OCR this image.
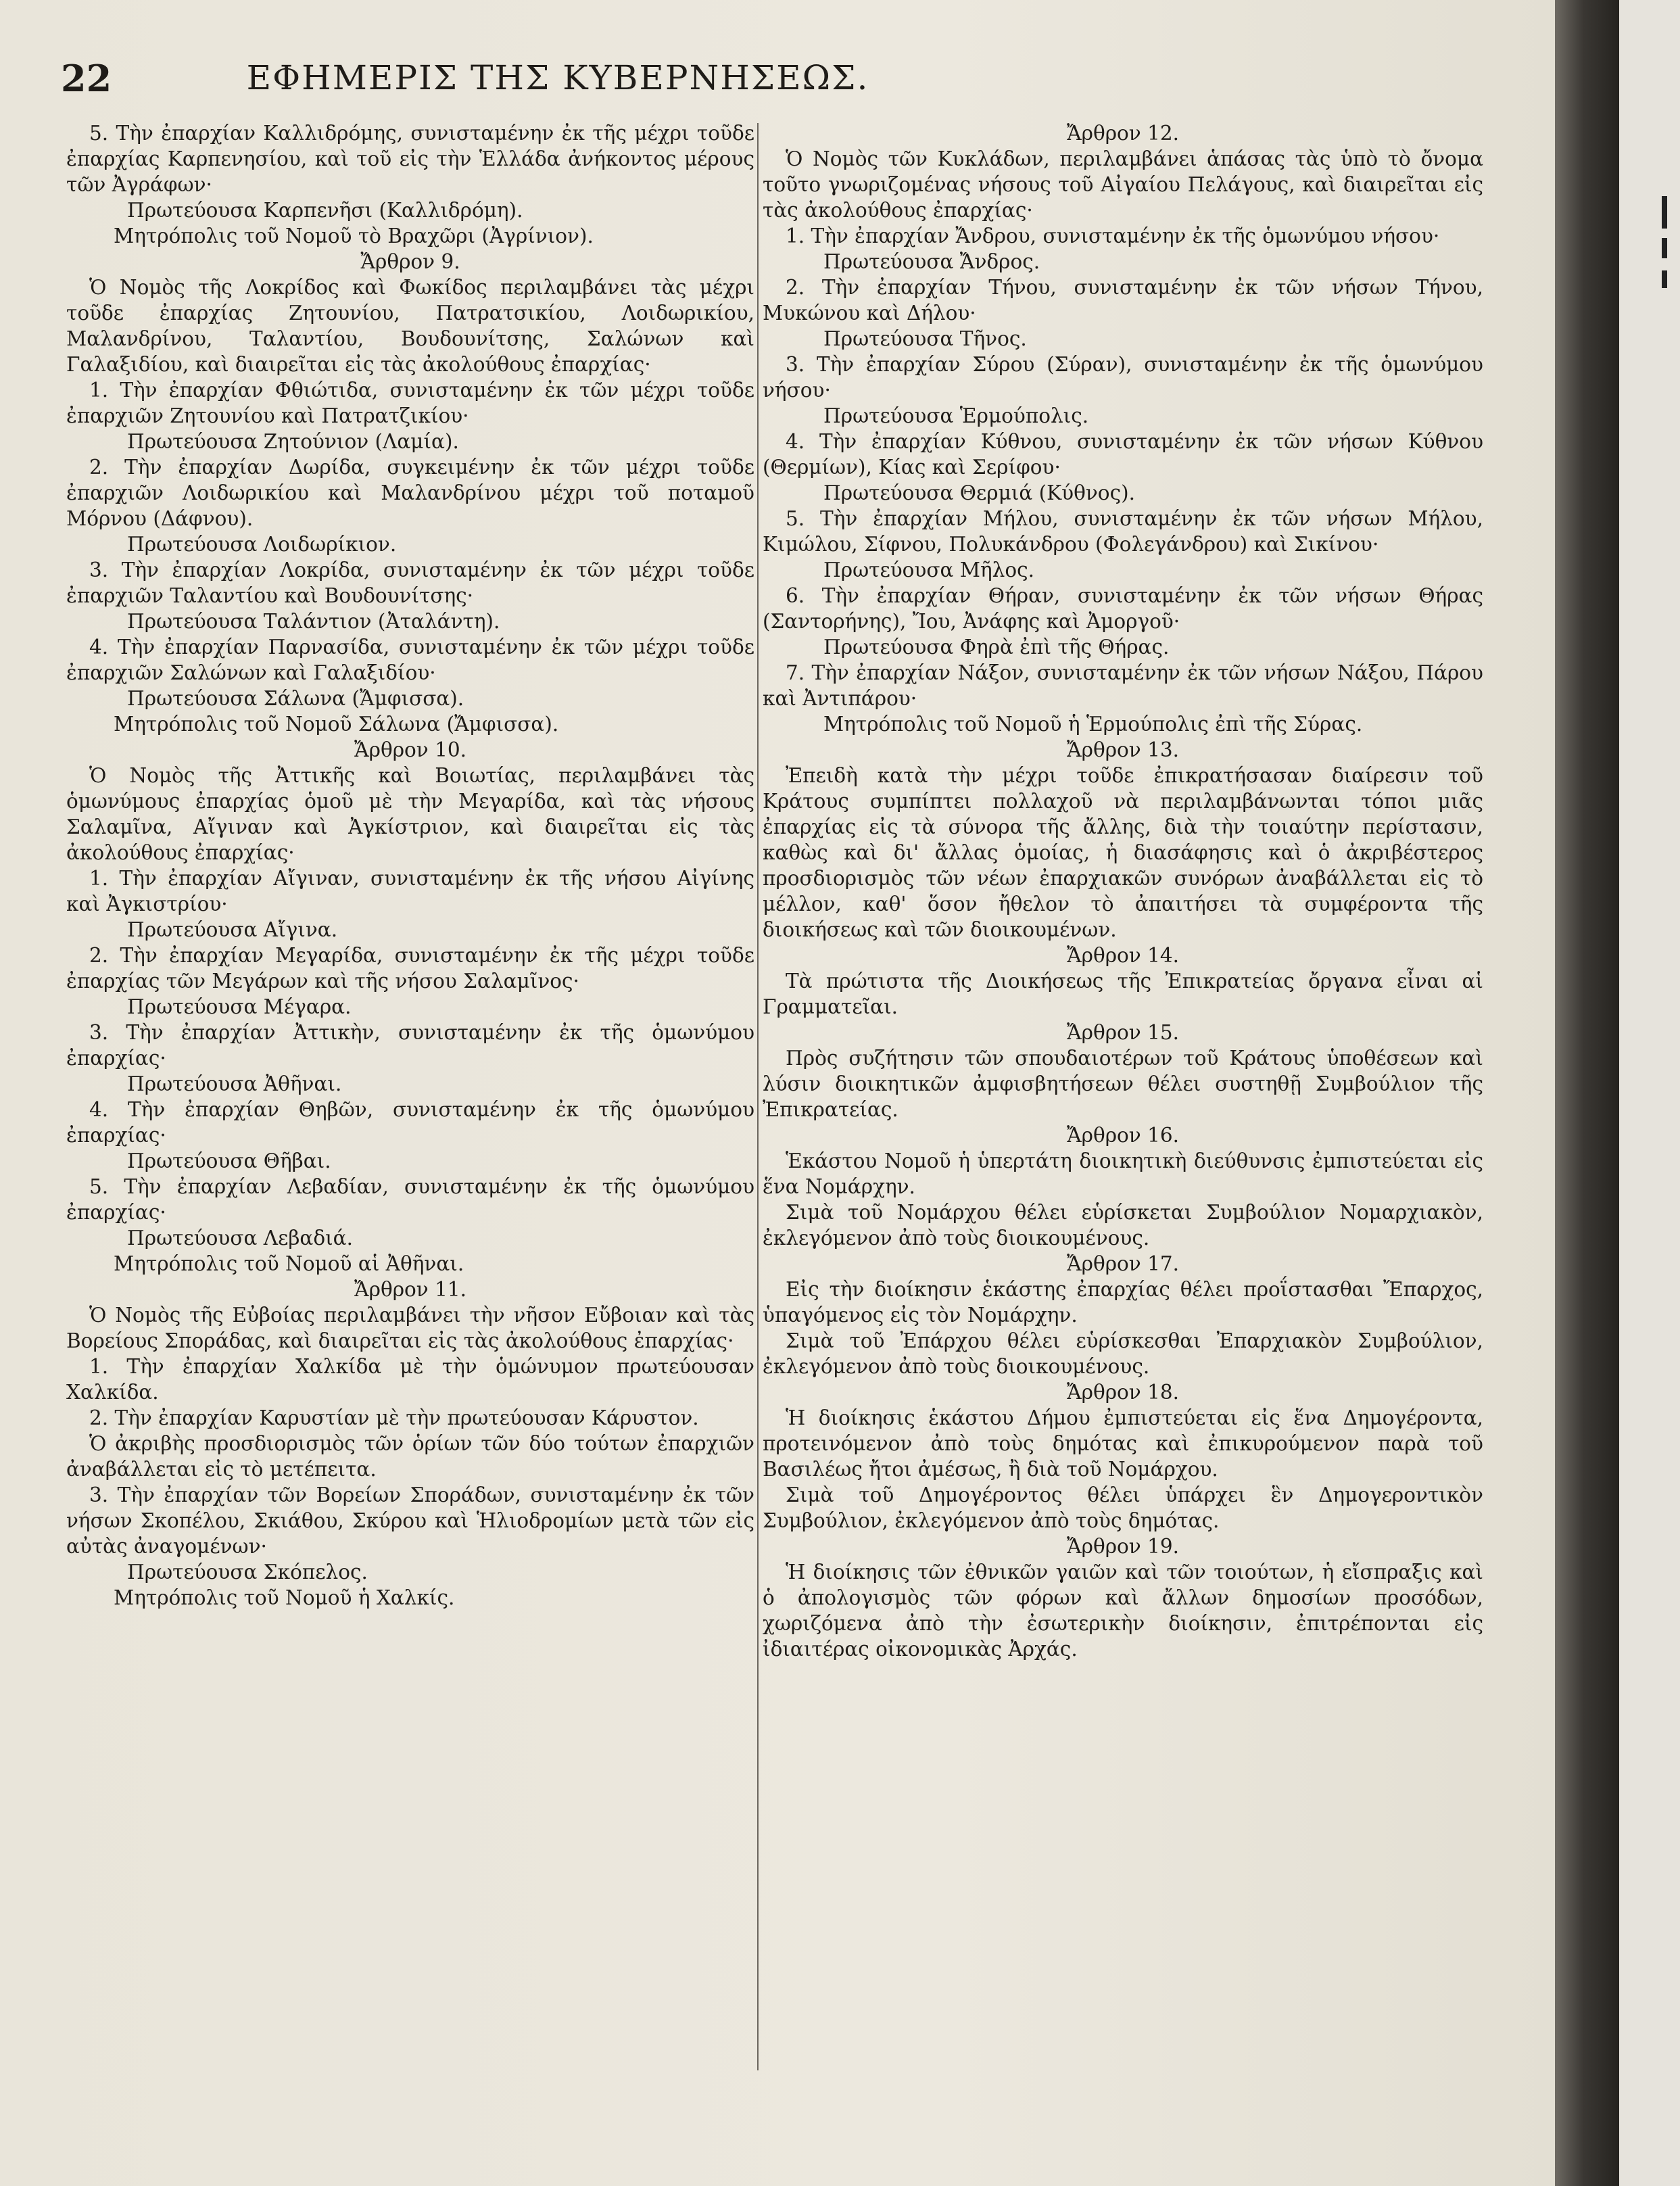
22	ΕΦΗΜΕΡΙΣ ΤΗΣ ΚΥΒΕΡΝΗΣΕΩΣ.

5. Τὴν ἐπαρχίαν Καλλιδρόμης, συνισταμένην ἐκ τῆς μέχρι τοῦδε ἐπαρχίας Καρπενησίου, καὶ τοῦ εἰς τὴν Ἑλλάδα ἀνήκοντος μέρους τῶν Ἀγράφων·

Πρωτεύουσα Καρπενῆσι (Καλλιδρόμη).

Μητρόπολις τοῦ Νομοῦ τὸ Βραχῶρι (Ἀγρίνιον).

Ἄρθρον 9.

Ὁ Νομὸς τῆς Λοκρίδος καὶ Φωκίδος περιλαμβάνει τὰς μέχρι τοῦδε ἐπαρχίας Ζητουνίου, Πατρατσικίου, Λοιδωρικίου, Μαλανδρίνου, Ταλαντίου, Βουδουνίτσης, Σαλώνων καὶ Γαλαξιδίου, καὶ διαιρεῖται εἰς τὰς ἀκολούθους ἐπαρχίας·

1. Τὴν ἐπαρχίαν Φθιώτιδα, συνισταμένην ἐκ τῶν μέχρι τοῦδε ἐπαρχιῶν Ζητουνίου καὶ Πατρατζικίου·

Πρωτεύουσα Ζητούνιον (Λαμία).

2. Τὴν ἐπαρχίαν Δωρίδα, συγκειμένην ἐκ τῶν μέχρι τοῦδε ἐπαρχιῶν Λοιδωρικίου καὶ Μαλανδρίνου μέχρι τοῦ ποταμοῦ Μόρνου (Δάφνου).

Πρωτεύουσα Λοιδωρίκιον.

3. Τὴν ἐπαρχίαν Λοκρίδα, συνισταμένην ἐκ τῶν μέχρι τοῦδε ἐπαρχιῶν Ταλαντίου καὶ Βουδουνίτσης·

Πρωτεύουσα Ταλάντιον (Ἀταλάντη).

4. Τὴν ἐπαρχίαν Παρνασίδα, συνισταμένην ἐκ τῶν μέχρι τοῦδε ἐπαρχιῶν Σαλώνων καὶ Γαλαξιδίου·

Πρωτεύουσα Σάλωνα (Ἄμφισσα).

Μητρόπολις τοῦ Νομοῦ Σάλωνα (Ἄμφισσα).

Ἄρθρον 10.

Ὁ Νομὸς τῆς Ἀττικῆς καὶ Βοιωτίας, περιλαμβάνει τὰς ὁμωνύμους ἐπαρχίας ὁμοῦ μὲ τὴν Μεγαρίδα, καὶ τὰς νήσους Σαλαμῖνα, Αἴγιναν καὶ Ἀγκίστριον, καὶ διαιρεῖται εἰς τὰς ἀκολούθους ἐπαρχίας·

1. Τὴν ἐπαρχίαν Αἴγιναν, συνισταμένην ἐκ τῆς νήσου Αἰγίνης καὶ Ἀγκιστρίου·

Πρωτεύουσα Αἴγινα.

2. Τὴν ἐπαρχίαν Μεγαρίδα, συνισταμένην ἐκ τῆς μέχρι τοῦδε ἐπαρχίας τῶν Μεγάρων καὶ τῆς νήσου Σαλαμῖνος·

Πρωτεύουσα Μέγαρα.

3. Τὴν ἐπαρχίαν Ἀττικὴν, συνισταμένην ἐκ τῆς ὁμωνύμου ἐπαρχίας·

Πρωτεύουσα Ἀθῆναι.

4. Τὴν ἐπαρχίαν Θηβῶν, συνισταμένην ἐκ τῆς ὁμωνύμου ἐπαρχίας·

Πρωτεύουσα Θῆβαι.

5. Τὴν ἐπαρχίαν Λεβαδίαν, συνισταμένην ἐκ τῆς ὁμωνύμου ἐπαρχίας·

Πρωτεύουσα Λεβαδιά.

Μητρόπολις τοῦ Νομοῦ αἱ Ἀθῆναι.

Ἄρθρον 11.

Ὁ Νομὸς τῆς Εὐβοίας περιλαμβάνει τὴν νῆσον Εὔβοιαν καὶ τὰς Βορείους Σποράδας, καὶ διαιρεῖται εἰς τὰς ἀκολούθους ἐπαρχίας·

1. Τὴν ἐπαρχίαν Χαλκίδα μὲ τὴν ὁμώνυμον πρωτεύουσαν Χαλκίδα.

2. Τὴν ἐπαρχίαν Καρυστίαν μὲ τὴν πρωτεύουσαν Κάρυστον.

Ὁ ἀκριβὴς προσδιορισμὸς τῶν ὁρίων τῶν δύο τούτων ἐπαρχιῶν ἀναβάλλεται εἰς τὸ μετέπειτα.

3. Τὴν ἐπαρχίαν τῶν Βορείων Σποράδων, συνισταμένην ἐκ τῶν νήσων Σκοπέλου, Σκιάθου, Σκύρου καὶ Ἡλιοδρομίων μετὰ τῶν εἰς αὐτὰς ἀναγομένων·

Πρωτεύουσα Σκόπελος.

Μητρόπολις τοῦ Νομοῦ ἡ Χαλκίς.

Ἄρθρον 12.

Ὁ Νομὸς τῶν Κυκλάδων, περιλαμβάνει ἁπάσας τὰς ὑπὸ τὸ ὄνομα τοῦτο γνωριζομένας νήσους τοῦ Αἰγαίου Πελάγους, καὶ διαιρεῖται εἰς τὰς ἀκολούθους ἐπαρχίας·

1. Τὴν ἐπαρχίαν Ἄνδρου, συνισταμένην ἐκ τῆς ὁμωνύμου νήσου·

Πρωτεύουσα Ἄνδρος.

2. Τὴν ἐπαρχίαν Τήνου, συνισταμένην ἐκ τῶν νήσων Τήνου, Μυκώνου καὶ Δήλου·

Πρωτεύουσα Τῆνος.

3. Τὴν ἐπαρχίαν Σύρου (Σύραν), συνισταμένην ἐκ τῆς ὁμωνύμου νήσου·

Πρωτεύουσα Ἑρμούπολις.

4. Τὴν ἐπαρχίαν Κύθνου, συνισταμένην ἐκ τῶν νήσων Κύθνου (Θερμίων), Κίας καὶ Σερίφου·

Πρωτεύουσα Θερμιά (Κύθνος).

5. Τὴν ἐπαρχίαν Μήλου, συνισταμένην ἐκ τῶν νήσων Μήλου, Κιμώλου, Σίφνου, Πολυκάνδρου (Φολεγάνδρου) καὶ Σικίνου·

Πρωτεύουσα Μῆλος.

6. Τὴν ἐπαρχίαν Θήραν, συνισταμένην ἐκ τῶν νήσων Θήρας (Σαντορήνης), Ἴου, Ἀνάφης καὶ Ἀμοργοῦ·

Πρωτεύουσα Φηρὰ ἐπὶ τῆς Θήρας.

7. Τὴν ἐπαρχίαν Νάξον, συνισταμένην ἐκ τῶν νήσων Νάξου, Πάρου καὶ Ἀντιπάρου·

Μητρόπολις τοῦ Νομοῦ ἡ Ἑρμούπολις ἐπὶ τῆς Σύρας.

Ἄρθρον 13.

Ἐπειδὴ κατὰ τὴν μέχρι τοῦδε ἐπικρατήσασαν διαίρεσιν τοῦ Κράτους συμπίπτει πολλαχοῦ νὰ περιλαμβάνωνται τόποι μιᾶς ἐπαρχίας εἰς τὰ σύνορα τῆς ἄλλης, διὰ τὴν τοιαύτην περίστασιν, καθὼς καὶ δι' ἄλλας ὁμοίας, ἡ διασάφησις καὶ ὁ ἀκριβέστερος προσδιορισμὸς τῶν νέων ἐπαρχιακῶν συνόρων ἀναβάλλεται εἰς τὸ μέλλον, καθ' ὅσον ἤθελον τὸ ἀπαιτήσει τὰ συμφέροντα τῆς διοικήσεως καὶ τῶν διοικουμένων.

Ἄρθρον 14.

Τὰ πρώτιστα τῆς Διοικήσεως τῆς Ἐπικρατείας ὄργανα εἶναι αἱ Γραμματεῖαι.

Ἄρθρον 15.

Πρὸς συζήτησιν τῶν σπουδαιοτέρων τοῦ Κράτους ὑποθέσεων καὶ λύσιν διοικητικῶν ἀμφισβητήσεων θέλει συστηθῇ Συμβούλιον τῆς Ἐπικρατείας.

Ἄρθρον 16.

Ἑκάστου Νομοῦ ἡ ὑπερτάτη διοικητικὴ διεύθυνσις ἐμπιστεύεται εἰς ἕνα Νομάρχην.

Σιμὰ τοῦ Νομάρχου θέλει εὑρίσκεται Συμβούλιον Νομαρχιακὸν, ἐκλεγόμενον ἀπὸ τοὺς διοικουμένους.

Ἄρθρον 17.

Εἰς τὴν διοίκησιν ἑκάστης ἐπαρχίας θέλει προΐστασθαι Ἔπαρχος, ὑπαγόμενος εἰς τὸν Νομάρχην.

Σιμὰ τοῦ Ἐπάρχου θέλει εὑρίσκεσθαι Ἐπαρχιακὸν Συμβούλιον, ἐκλεγόμενον ἀπὸ τοὺς διοικουμένους.

Ἄρθρον 18.

Ἡ διοίκησις ἑκάστου Δήμου ἐμπιστεύεται εἰς ἕνα Δημογέροντα, προτεινόμενον ἀπὸ τοὺς δημότας καὶ ἐπικυρούμενον παρὰ τοῦ Βασιλέως ἤτοι ἀμέσως, ἢ διὰ τοῦ Νομάρχου.

Σιμὰ τοῦ Δημογέροντος θέλει ὑπάρχει ἓν Δημογεροντικὸν Συμβούλιον, ἐκλεγόμενον ἀπὸ τοὺς δημότας.

Ἄρθρον 19.

Ἡ διοίκησις τῶν ἐθνικῶν γαιῶν καὶ τῶν τοιούτων, ἡ εἴσπραξις καὶ ὁ ἀπολογισμὸς τῶν φόρων καὶ ἄλλων δημοσίων προσόδων, χωριζόμενα ἀπὸ τὴν ἐσωτερικὴν διοίκησιν, ἐπιτρέπονται εἰς ἰδιαιτέρας οἰκονομικὰς Ἀρχάς.
